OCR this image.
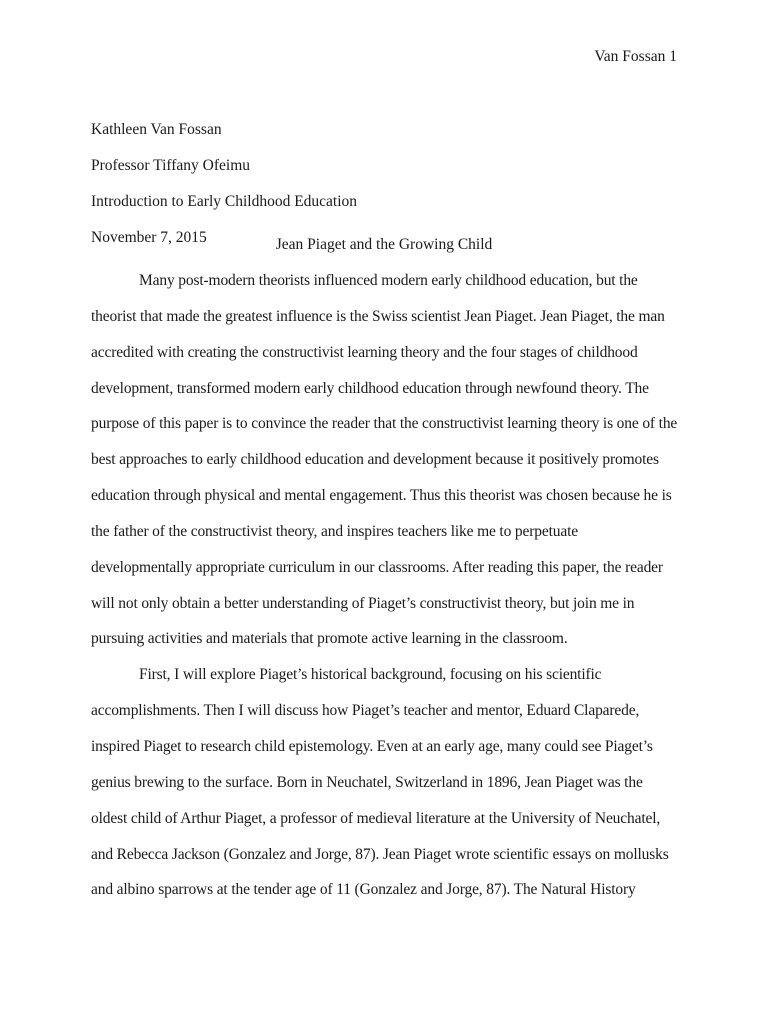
Van Fossan 1
Kathleen Van Fossan
Professor Tiffany Ofeimu
Introduction to Early Childhood Education
November 7, 2015	Jean Piaget and the Growing Child
Many post-modern theorists influenced modern early childhood education, but the
theorist that made the greatest influence is the Swiss scientist Jean Piaget. Jean Piaget, the man
accredited with creating the constructivist learning theory and the four stages of childhood
development, transformed modern early childhood education through newfound theory. The
purpose of this paper is to convince the reader that the constructivist learning theory is one of the
best approaches to early childhood education and development because it positively promotes
education through physical and mental engagement. Thus this theorist was chosen because he is
the father of the constructivist theory, and inspires teachers like me to perpetuate
developmentally appropriate curriculum in our classrooms. After reading this paper, the reader
will not only obtain a better understanding of Piaget’s constructivist theory, but join me in
pursuing activities and materials that promote active learning in the classroom.
First, I will explore Piaget’s historical background, focusing on his scientific
accomplishments. Then I will discuss how Piaget’s teacher and mentor, Eduard Claparede,
inspired Piaget to research child epistemology. Even at an early age, many could see Piaget’s
genius brewing to the surface. Born in Neuchatel, Switzerland in 1896, Jean Piaget was the
oldest child of Arthur Piaget, a professor of medieval literature at the University of Neuchatel,
and Rebecca Jackson (Gonzalez and Jorge, 87). Jean Piaget wrote scientific essays on mollusks
and albino sparrows at the tender age of 11 (Gonzalez and Jorge, 87). The Natural History
